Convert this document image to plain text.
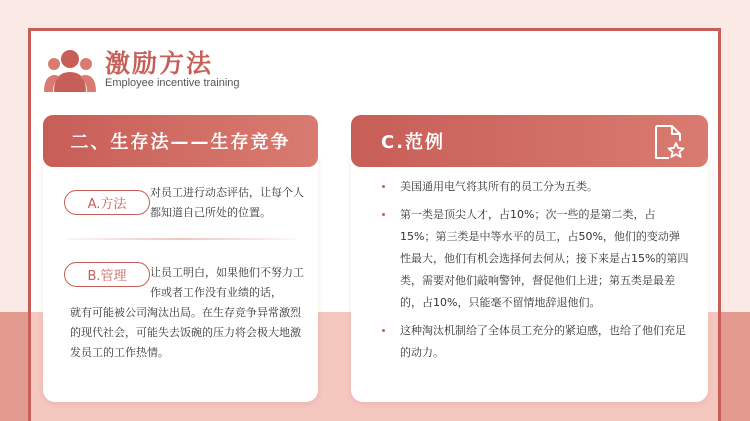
激励方法
Employee incentive training
二、生存法——生存竞争	C.范例
A.方法
对员工进行动态评估，让每个人都知道自己所处的位置。
B.管理	让员工明白，如果他们不努力工作或者工作没有业绩的话，
就有可能被公司淘汰出局。在生存竞争异常激烈的现代社会，可能失去饭碗的压力将会极大地激发员工的工作热情。
美国通用电气将其所有的员工分为五类。
第一类是顶尖人才，占10%；次一些的是第二类，占15%；第三类是中等水平的员工，占50%，他们的变动弹性最大，他们有机会选择何去何从；接下来是占15%的第四类，需要对他们敲响警钟，督促他们上进；第五类是最差的，占10%，只能毫不留情地辞退他们。
这种淘汰机制给了全体员工充分的紧迫感，也给了他们充足的动力。
